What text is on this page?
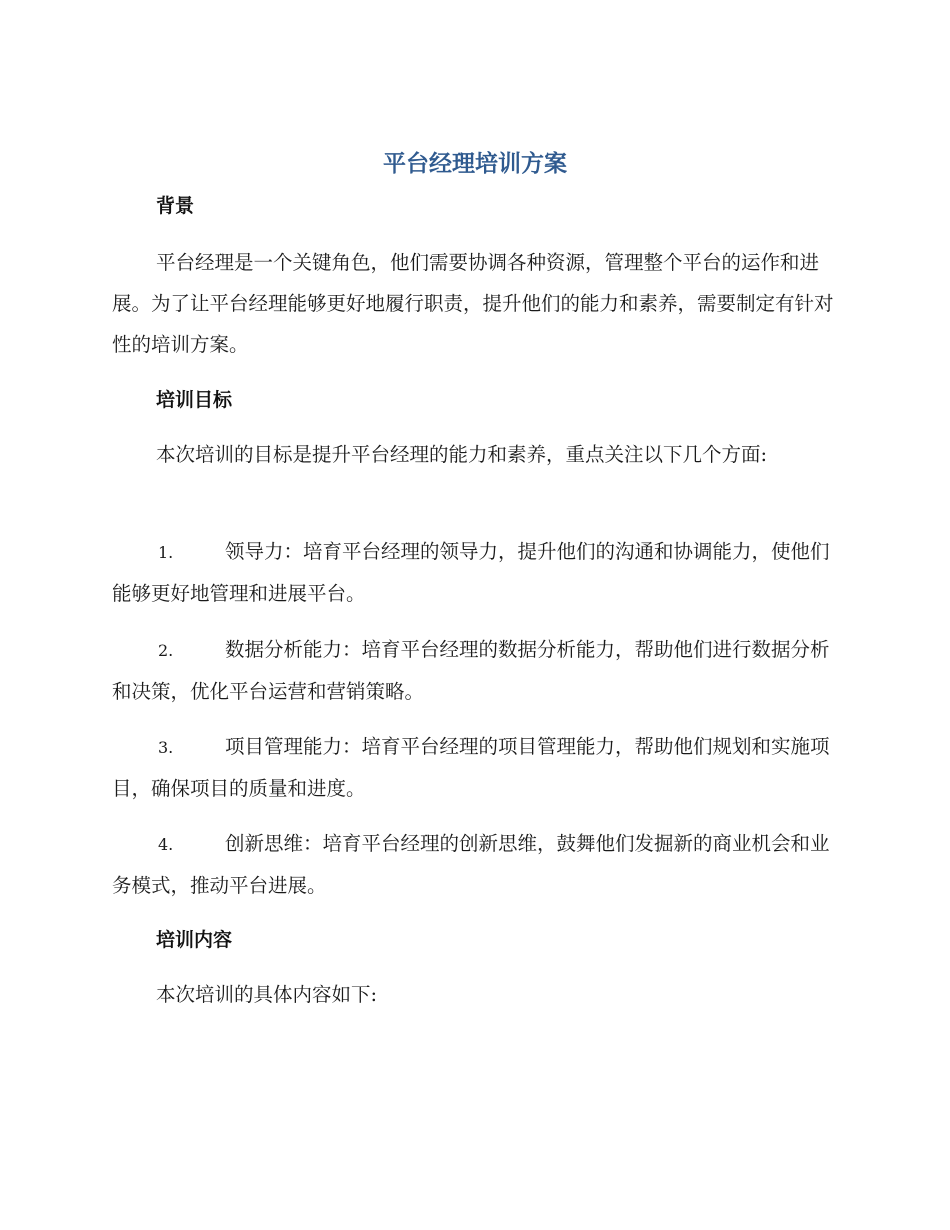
平台经理培训方案
背景

平台经理是一个关键角色，他们需要协调各种资源，管理整个平台的运作和进展。为了让平台经理能够更好地履行职责，提升他们的能力和素养，需要制定有针对性的培训方案。

培训目标

本次培训的目标是提升平台经理的能力和素养，重点关注以下几个方面:

1.	领导力：培育平台经理的领导力，提升他们的沟通和协调能力，使他们能够更好地管理和进展平台。

2.	数据分析能力：培育平台经理的数据分析能力，帮助他们进行数据分析和决策，优化平台运营和营销策略。

3.	项目管理能力：培育平台经理的项目管理能力，帮助他们规划和实施项目，确保项目的质量和进度。

4.	创新思维：培育平台经理的创新思维，鼓舞他们发掘新的商业机会和业务模式，推动平台进展。

培训内容

本次培训的具体内容如下:
